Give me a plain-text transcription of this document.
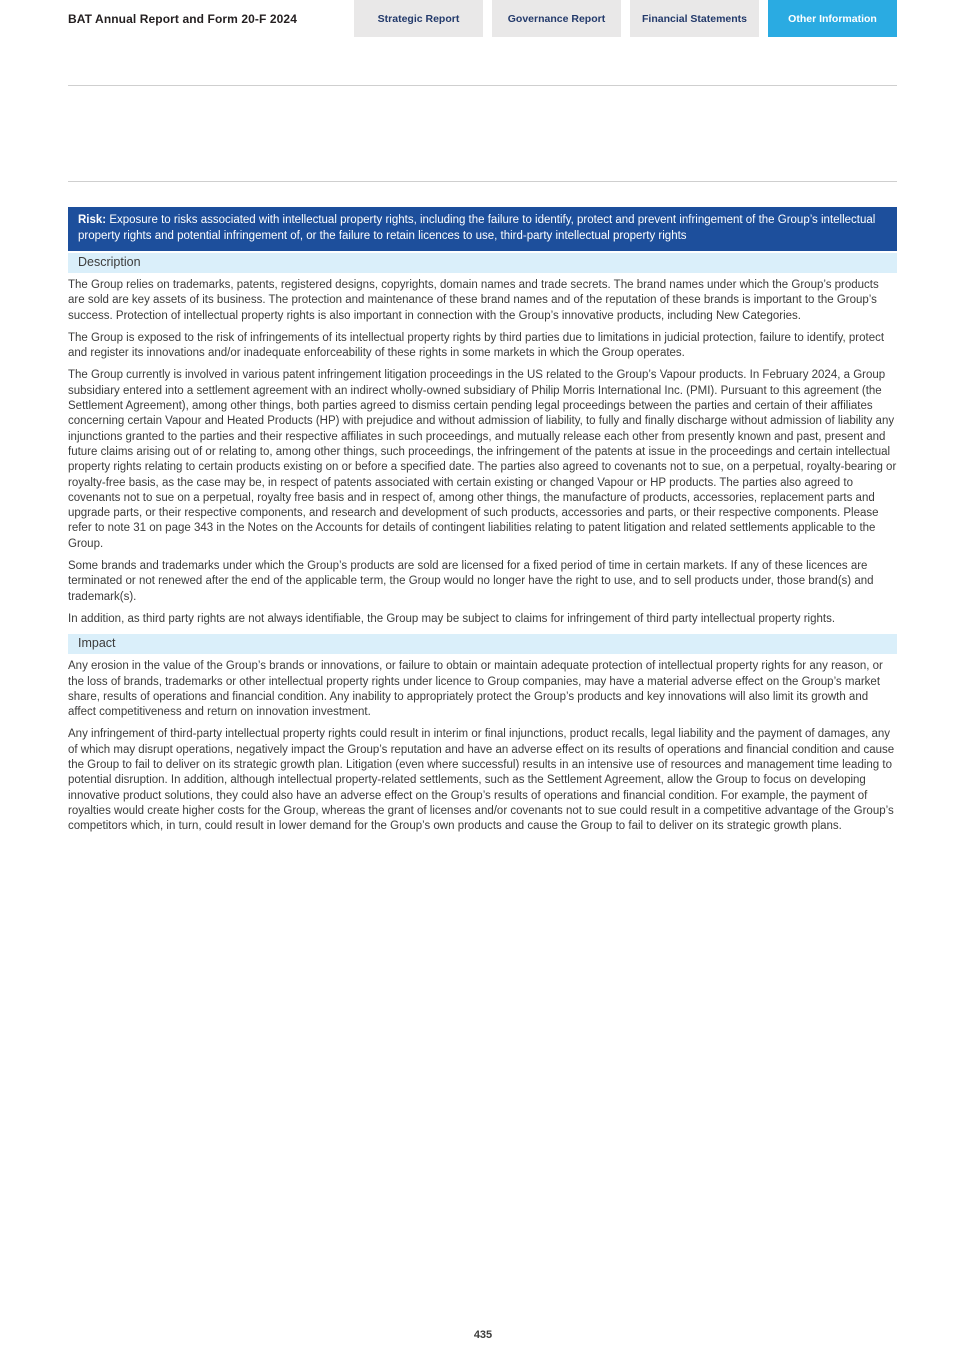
BAT Annual Report and Form 20-F 2024	Strategic Report	Governance Report	Financial Statements	Other Information
Risk: Exposure to risks associated with intellectual property rights, including the failure to identify, protect and prevent infringement of the Group’s intellectual property rights and potential infringement of, or the failure to retain licences to use, third-party intellectual property rights
Description

The Group relies on trademarks, patents, registered designs, copyrights, domain names and trade secrets. The brand names under which the Group’s products are sold are key assets of its business. The protection and maintenance of these brand names and of the reputation of these brands is important to the Group’s success. Protection of intellectual property rights is also important in connection with the Group’s innovative products, including New Categories.

The Group is exposed to the risk of infringements of its intellectual property rights by third parties due to limitations in judicial protection, failure to identify, protect and register its innovations and/or inadequate enforceability of these rights in some markets in which the Group operates.

The Group currently is involved in various patent infringement litigation proceedings in the US related to the Group’s Vapour products. In February 2024, a Group subsidiary entered into a settlement agreement with an indirect wholly-owned subsidiary of Philip Morris International Inc. (PMI). Pursuant to this agreement (the Settlement Agreement), among other things, both parties agreed to dismiss certain pending legal proceedings between the parties and certain of their affiliates concerning certain Vapour and Heated Products (HP) with prejudice and without admission of liability, to fully and finally discharge without admission of liability any injunctions granted to the parties and their respective affiliates in such proceedings, and mutually release each other from presently known and past, present and future claims arising out of or relating to, among other things, such proceedings, the infringement of the patents at issue in the proceedings and certain intellectual property rights relating to certain products existing on or before a specified date. The parties also agreed to covenants not to sue, on a perpetual, royalty-bearing or royalty-free basis, as the case may be, in respect of patents associated with certain existing or changed Vapour or HP products. The parties also agreed to covenants not to sue on a perpetual, royalty free basis and in respect of, among other things, the manufacture of products, accessories, replacement parts and upgrade parts, or their respective components, and research and development of such products, accessories and parts, or their respective components. Please refer to note 31 on page 343 in the Notes on the Accounts for details of contingent liabilities relating to patent litigation and related settlements applicable to the Group.

Some brands and trademarks under which the Group’s products are sold are licensed for a fixed period of time in certain markets. If any of these licences are terminated or not renewed after the end of the applicable term, the Group would no longer have the right to use, and to sell products under, those brand(s) and trademark(s).

In addition, as third party rights are not always identifiable, the Group may be subject to claims for infringement of third party intellectual property rights.

Impact

Any erosion in the value of the Group’s brands or innovations, or failure to obtain or maintain adequate protection of intellectual property rights for any reason, or the loss of brands, trademarks or other intellectual property rights under licence to Group companies, may have a material adverse effect on the Group’s market share, results of operations and financial condition. Any inability to appropriately protect the Group’s products and key innovations will also limit its growth and affect competitiveness and return on innovation investment.

Any infringement of third-party intellectual property rights could result in interim or final injunctions, product recalls, legal liability and the payment of damages, any of which may disrupt operations, negatively impact the Group’s reputation and have an adverse effect on its results of operations and financial condition and cause the Group to fail to deliver on its strategic growth plan. Litigation (even where successful) results in an intensive use of resources and management time leading to potential disruption. In addition, although intellectual property-related settlements, such as the Settlement Agreement, allow the Group to focus on developing innovative product solutions, they could also have an adverse effect on the Group’s results of operations and financial condition. For example, the payment of royalties would create higher costs for the Group, whereas the grant of licenses and/or covenants not to sue could result in a competitive advantage of the Group’s competitors which, in turn, could result in lower demand for the Group’s own products and cause the Group to fail to deliver on its strategic growth plans.

435
